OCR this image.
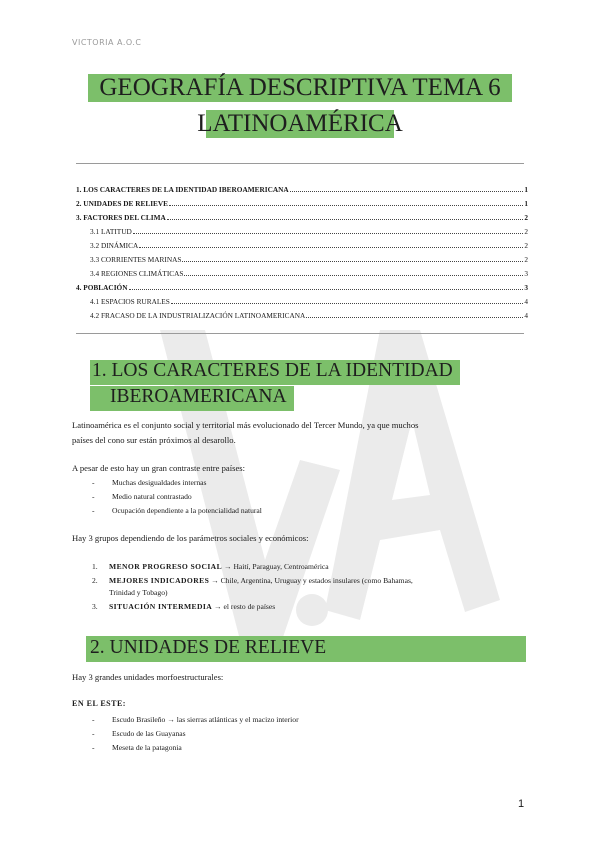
VICTORIA A.O.C
GEOGRAFÍA DESCRIPTIVA TEMA 6
LATINOAMÉRICA
1. LOS CARACTERES DE LA IDENTIDAD IBEROAMERICANA	1
2. UNIDADES DE RELIEVE	1
3. FACTORES DEL CLIMA	2
3.1 LATITUD	2
3.2 DINÁMICA	2
3.3 CORRIENTES MARINAS	2
3.4 REGIONES CLIMÁTICAS	3
4. POBLACIÓN	3
4.1 ESPACIOS RURALES	4
4.2 FRACASO DE LA INDUSTRIALIZACIÓN LATINOAMERICANA	4
1. LOS CARACTERES DE LA IDENTIDAD
IBEROAMERICANA
Latinoamérica es el conjunto social y territorial más evolucionado del Tercer Mundo, ya que muchos
países del cono sur están próximos al desarollo.
A pesar de esto hay un gran contraste entre países:
- Muchas desigualdades internas
- Medio natural contrastado
- Ocupación dependiente a la potencialidad natural
Hay 3 grupos dependiendo de los parámetros sociales y económicos:
1. MENOR PROGRESO SOCIAL → Haití, Paraguay, Centroamérica
2. MEJORES INDICADORES → Chile, Argentina, Uruguay y estados insulares (como Bahamas,
Trinidad y Tobago)
3. SITUACIÓN INTERMEDIA → el resto de países
2. UNIDADES DE RELIEVE
Hay 3 grandes unidades morfoestructurales:
EN EL ESTE:
- Escudo Brasileño → las sierras atlánticas y el macizo interior
- Escudo de las Guayanas
- Meseta de la patagonia
1
